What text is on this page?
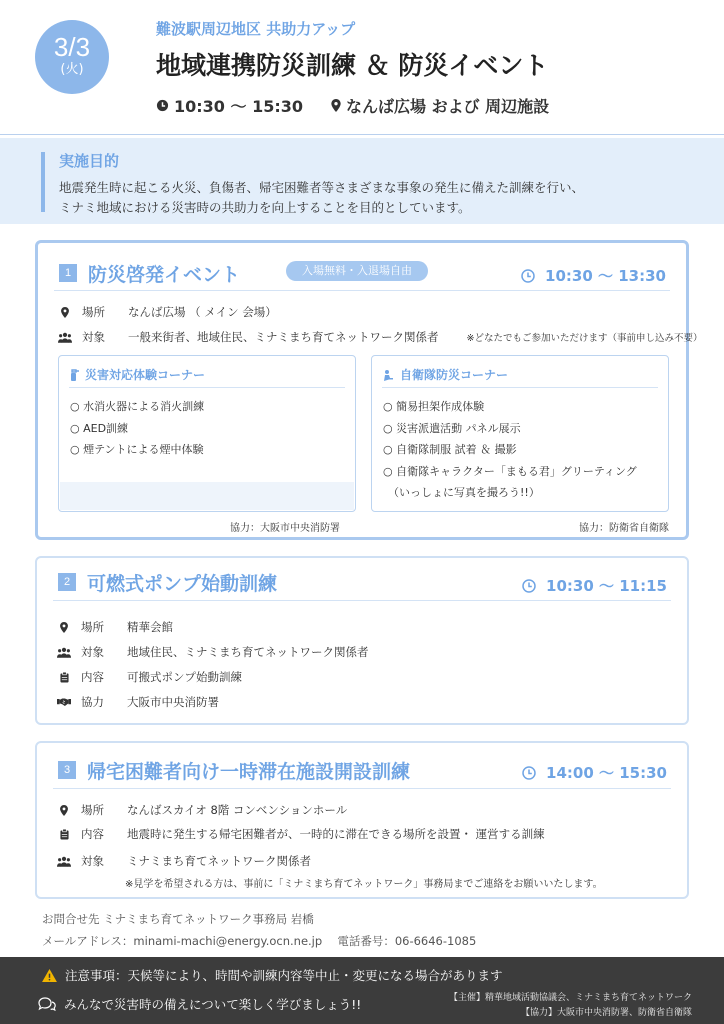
3/3
(火)
難波駅周辺地区 共助力アップ
地域連携防災訓練 ＆ 防災イベント
10:30 ～ 15:30	なんば広場 および 周辺施設
実施目的
地震発生時に起こる火災、負傷者、帰宅困難者等さまざまな事象の発生に備えた訓練を行い、
ミナミ地域における災害時の共助力を向上することを目的としています。
1 防災啓発イベント	入場無料・入退場自由	10:30 ～ 13:30
場所	なんば広場 （ メイン 会場）
対象	一般来街者、地域住民、ミナミまち育てネットワーク関係者	※どなたでもご参加いただけます（事前申し込み不要）
災害対応体験コーナー
○ 水消火器による消火訓練
○ AED訓練
○ 煙テントによる煙中体験
自衛隊防災コーナー
○ 簡易担架作成体験
○ 災害派遣活動 パネル展示
○ 自衛隊制服 試着 ＆ 撮影
○ 自衛隊キャラクター「まもる君」グリーティング
（いっしょに写真を撮ろう!!）
協力：大阪市中央消防署	協力：防衛省自衛隊
2 可燃式ポンプ始動訓練	10:30 ～ 11:15
場所	精華会館
対象	地域住民、ミナミまち育てネットワーク関係者
内容	可搬式ポンプ始動訓練
協力	大阪市中央消防署
3 帰宅困難者向け一時滞在施設開設訓練	14:00 ～ 15:30
場所	なんばスカイオ 8階 コンベンションホール
内容	地震時に発生する帰宅困難者が、一時的に滞在できる場所を設置・ 運営する訓練
対象	ミナミまち育てネットワーク関係者
※見学を希望される方は、事前に「ミナミまち育てネットワーク」事務局までご連絡をお願いいたします。
お問合せ先 ミナミまち育てネットワーク事務局 岩橋
メールアドレス：minami-machi@energy.ocn.ne.jp　 電話番号：06-6646-1085
注意事項：天候等により、時間や訓練内容等中止・変更になる場合があります
みんなで災害時の備えについて楽しく学びましょう!!	【主催】精華地域活動協議会、ミナミまち育てネットワーク
【協力】大阪市中央消防署、防衛省自衛隊
